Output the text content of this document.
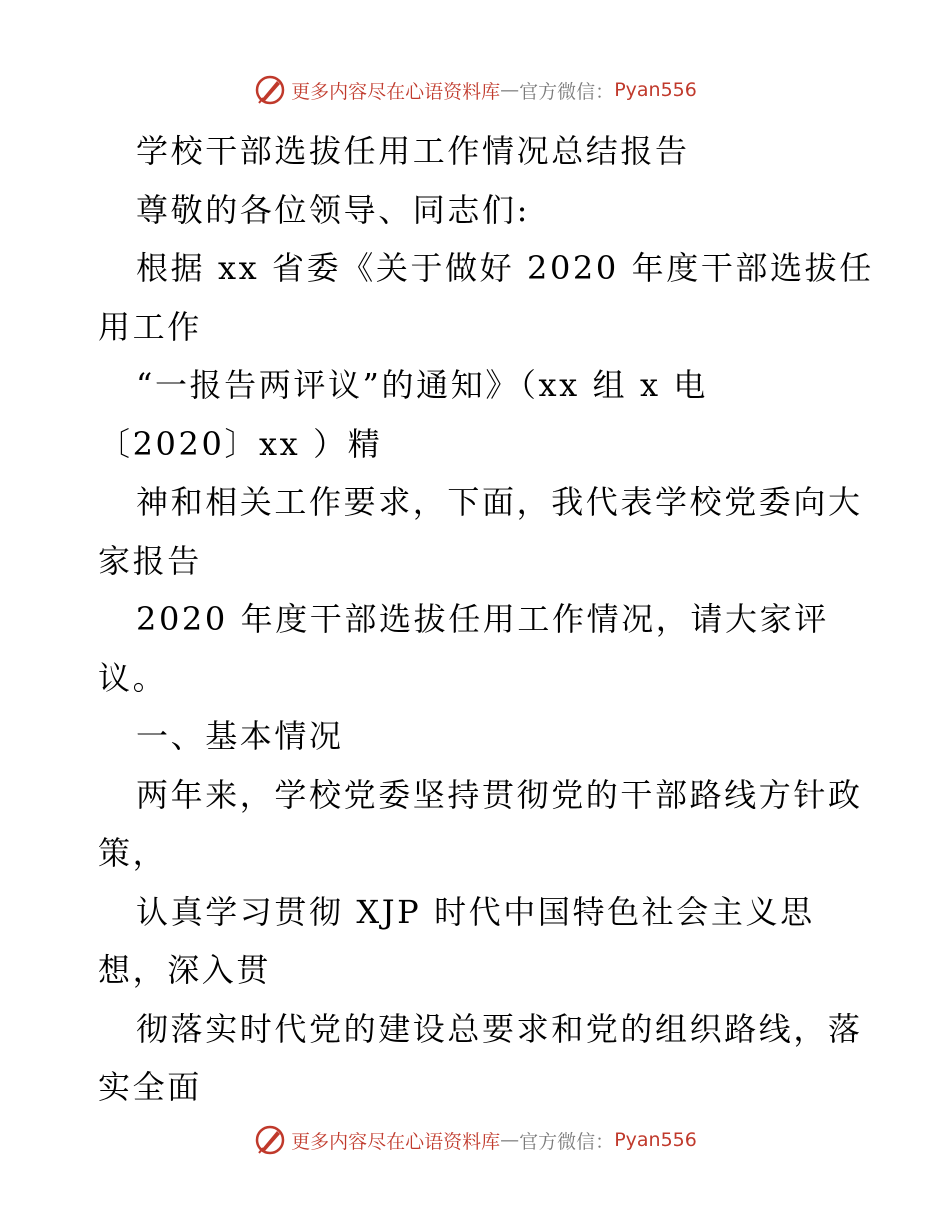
更多内容尽在心语资料库 — 官方微信： Pyan556
学校干部选拔任用工作情况总结报告
尊敬的各位领导、同志们:
根据 xx 省委《关于做好 2020 年度干部选拔任
用工作
“一报告两评议”的通知》（xx 组 x 电
〔2020〕xx ）精
神和相关工作要求，下面，我代表学校党委向大
家报告
2020 年度干部选拔任用工作情况，请大家评
议。
一、基本情况
两年来，学校党委坚持贯彻党的干部路线方针政
策，
认真学习贯彻 XJP 时代中国特色社会主义思
想，深入贯
彻落实时代党的建设总要求和党的组织路线，落
实全面
更多内容尽在心语资料库 — 官方微信： Pyan556
